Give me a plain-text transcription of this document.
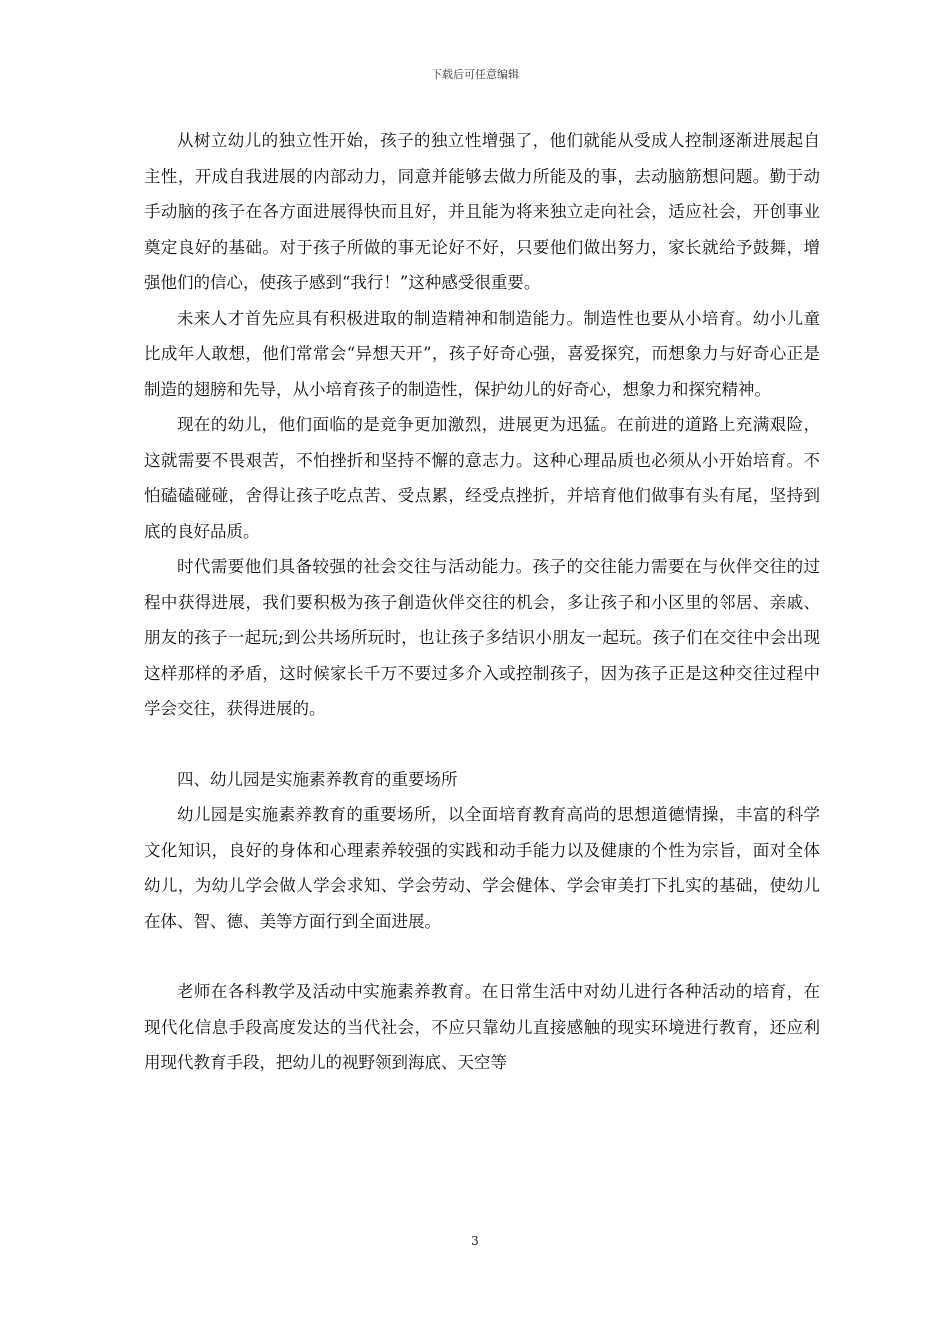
下载后可任意编辑

从树立幼儿的独立性开始，孩子的独立性增强了，他们就能从受成人控制逐渐进展起自主性，开成自我进展的内部动力，同意并能够去做力所能及的事，去动脑筋想问题。勤于动手动脑的孩子在各方面进展得快而且好，并且能为将来独立走向社会，适应社会，开创事业奠定良好的基础。对于孩子所做的事无论好不好，只要他们做出努力，家长就给予鼓舞，增强他们的信心，使孩子感到“我行！”这种感受很重要。

未来人才首先应具有积极进取的制造精神和制造能力。制造性也要从小培育。幼小儿童比成年人敢想，他们常常会“异想天开”，孩子好奇心强，喜爱探究，而想象力与好奇心正是制造的翅膀和先导，从小培育孩子的制造性，保护幼儿的好奇心，想象力和探究精神。

现在的幼儿，他们面临的是竞争更加激烈，进展更为迅猛。在前进的道路上充满艰险，这就需要不畏艰苦，不怕挫折和坚持不懈的意志力。这种心理品质也必须从小开始培育。不怕磕磕碰碰，舍得让孩子吃点苦、受点累，经受点挫折，并培育他们做事有头有尾，坚持到底的良好品质。

时代需要他们具备较强的社会交往与活动能力。孩子的交往能力需要在与伙伴交往的过程中获得进展，我们要积极为孩子創造伙伴交往的机会，多让孩子和小区里的邻居、亲戚、朋友的孩子一起玩;到公共场所玩时，也让孩子多结识小朋友一起玩。孩子们在交往中会出现这样那样的矛盾，这时候家长千万不要过多介入或控制孩子，因为孩子正是这种交往过程中学会交往，获得进展的。

四、幼儿园是实施素养教育的重要场所

幼儿园是实施素养教育的重要场所，以全面培育教育高尚的思想道德情操，丰富的科学文化知识，良好的身体和心理素养较强的实践和动手能力以及健康的个性为宗旨，面对全体幼儿，为幼儿学会做人学会求知、学会劳动、学会健体、学会审美打下扎实的基础，使幼儿在体、智、德、美等方面行到全面进展。

老师在各科教学及活动中实施素养教育。在日常生活中对幼儿进行各种活动的培育，在现代化信息手段高度发达的当代社会，不应只靠幼儿直接感触的现实环境进行教育，还应利用现代教育手段，把幼儿的视野领到海底、天空等

3
